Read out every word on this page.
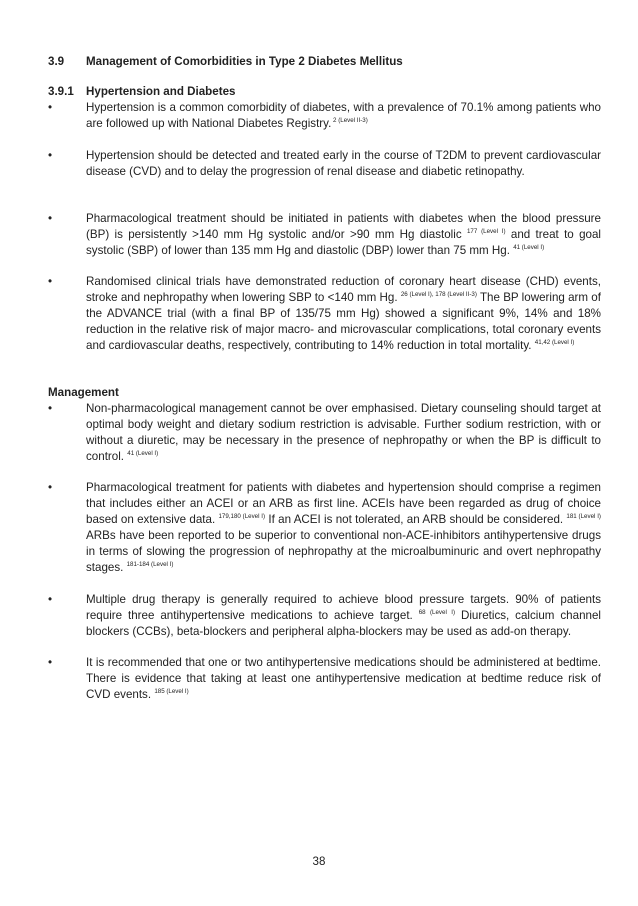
3.9 Management of Comorbidities in Type 2 Diabetes Mellitus
3.9.1 Hypertension and Diabetes
•	Hypertension is a common comorbidity of diabetes, with a prevalence of 70.1% among patients who are followed up with National Diabetes Registry. $^{2 (Level II-3)}$
•	Hypertension should be detected and treated early in the course of T2DM to prevent cardiovascular disease (CVD) and to delay the progression of renal disease and diabetic retinopathy.
•	Pharmacological treatment should be initiated in patients with diabetes when the blood pressure (BP) is persistently >140 mm Hg systolic and/or >90 mm Hg diastolic $^{177 (Level I)}$ and treat to goal systolic (SBP) of lower than 135 mm Hg and diastolic (DBP) lower than 75 mm Hg. $^{41 (Level I)}$
•	Randomised clinical trials have demonstrated reduction of coronary heart disease (CHD) events, stroke and nephropathy when lowering SBP to <140 mm Hg. $^{26 (Level I), 178 (Level II-3)}$ The BP lowering arm of the ADVANCE trial (with a final BP of 135/75 mm Hg) showed a significant 9%, 14% and 18% reduction in the relative risk of major macro- and microvascular complications, total coronary events and cardiovascular deaths, respectively, contributing to 14% reduction in total mortality. $^{41,42 (Level I)}$
Management
•	Non-pharmacological management cannot be over emphasised. Dietary counseling should target at optimal body weight and dietary sodium restriction is advisable. Further sodium restriction, with or without a diuretic, may be necessary in the presence of nephropathy or when the BP is difficult to control. $^{41 (Level I)}$
•	Pharmacological treatment for patients with diabetes and hypertension should comprise a regimen that includes either an ACEI or an ARB as first line. ACEIs have been regarded as drug of choice based on extensive data. $^{179,180 (Level I)}$ If an ACEI is not tolerated, an ARB should be considered. $^{181 (Level I)}$ ARBs have been reported to be superior to conventional non-ACE-inhibitors antihypertensive drugs in terms of slowing the progression of nephropathy at the microalbuminuric and overt nephropathy stages. $^{181-184 (Level I)}$
•	Multiple drug therapy is generally required to achieve blood pressure targets. 90% of patients require three antihypertensive medications to achieve target. $^{68 (Level I)}$ Diuretics, calcium channel blockers (CCBs), beta-blockers and peripheral alpha-blockers may be used as add-on therapy.
•	It is recommended that one or two antihypertensive medications should be administered at bedtime. There is evidence that taking at least one antihypertensive medication at bedtime reduce risk of CVD events. $^{185 (Level I)}$
38
